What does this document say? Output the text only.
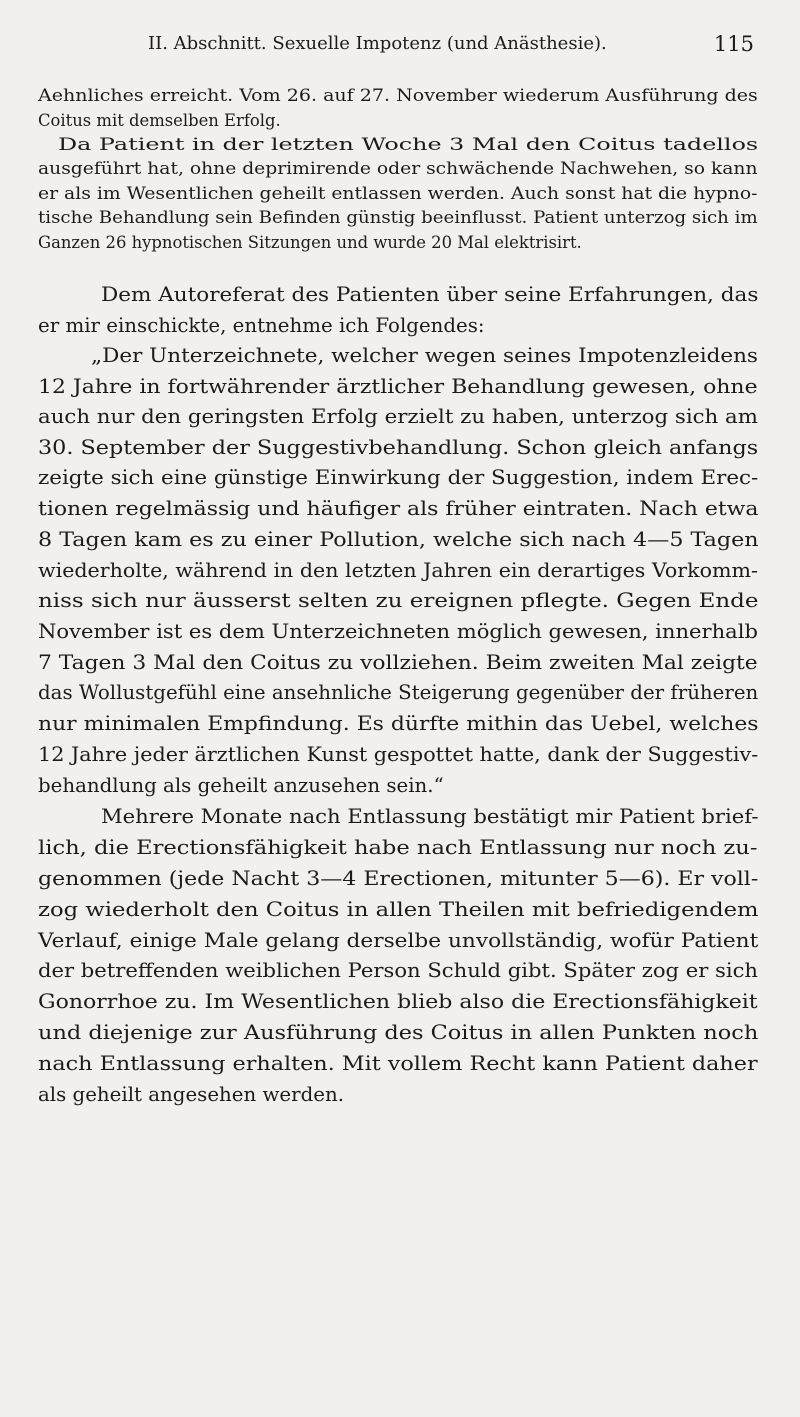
II. Abschnitt. Sexuelle Impotenz (und Anästhesie).	115
Aehnliches erreicht. Vom 26. auf 27. November wiederum Ausführung des
Coitus mit demselben Erfolg.
Da Patient in der letzten Woche 3 Mal den Coitus tadellos
ausgeführt hat, ohne deprimirende oder schwächende Nachwehen, so kann
er als im Wesentlichen geheilt entlassen werden. Auch sonst hat die hypno-
tische Behandlung sein Befinden günstig beeinflusst. Patient unterzog sich im
Ganzen 26 hypnotischen Sitzungen und wurde 20 Mal elektrisirt.
Dem Autoreferat des Patienten über seine Erfahrungen, das
er mir einschickte, entnehme ich Folgendes:
„Der Unterzeichnete, welcher wegen seines Impotenzleidens
12 Jahre in fortwährender ärztlicher Behandlung gewesen, ohne
auch nur den geringsten Erfolg erzielt zu haben, unterzog sich am
30. September der Suggestivbehandlung. Schon gleich anfangs
zeigte sich eine günstige Einwirkung der Suggestion, indem Erec-
tionen regelmässig und häufiger als früher eintraten. Nach etwa
8 Tagen kam es zu einer Pollution, welche sich nach 4—5 Tagen
wiederholte, während in den letzten Jahren ein derartiges Vorkomm-
niss sich nur äusserst selten zu ereignen pflegte. Gegen Ende
November ist es dem Unterzeichneten möglich gewesen, innerhalb
7 Tagen 3 Mal den Coitus zu vollziehen. Beim zweiten Mal zeigte
das Wollustgefühl eine ansehnliche Steigerung gegenüber der früheren
nur minimalen Empfindung. Es dürfte mithin das Uebel, welches
12 Jahre jeder ärztlichen Kunst gespottet hatte, dank der Suggestiv-
behandlung als geheilt anzusehen sein.“
Mehrere Monate nach Entlassung bestätigt mir Patient brief-
lich, die Erectionsfähigkeit habe nach Entlassung nur noch zu-
genommen (jede Nacht 3—4 Erectionen, mitunter 5—6). Er voll-
zog wiederholt den Coitus in allen Theilen mit befriedigendem
Verlauf, einige Male gelang derselbe unvollständig, wofür Patient
der betreffenden weiblichen Person Schuld gibt. Später zog er sich
Gonorrhoe zu. Im Wesentlichen blieb also die Erectionsfähigkeit
und diejenige zur Ausführung des Coitus in allen Punkten noch
nach Entlassung erhalten. Mit vollem Recht kann Patient daher
als geheilt angesehen werden.
